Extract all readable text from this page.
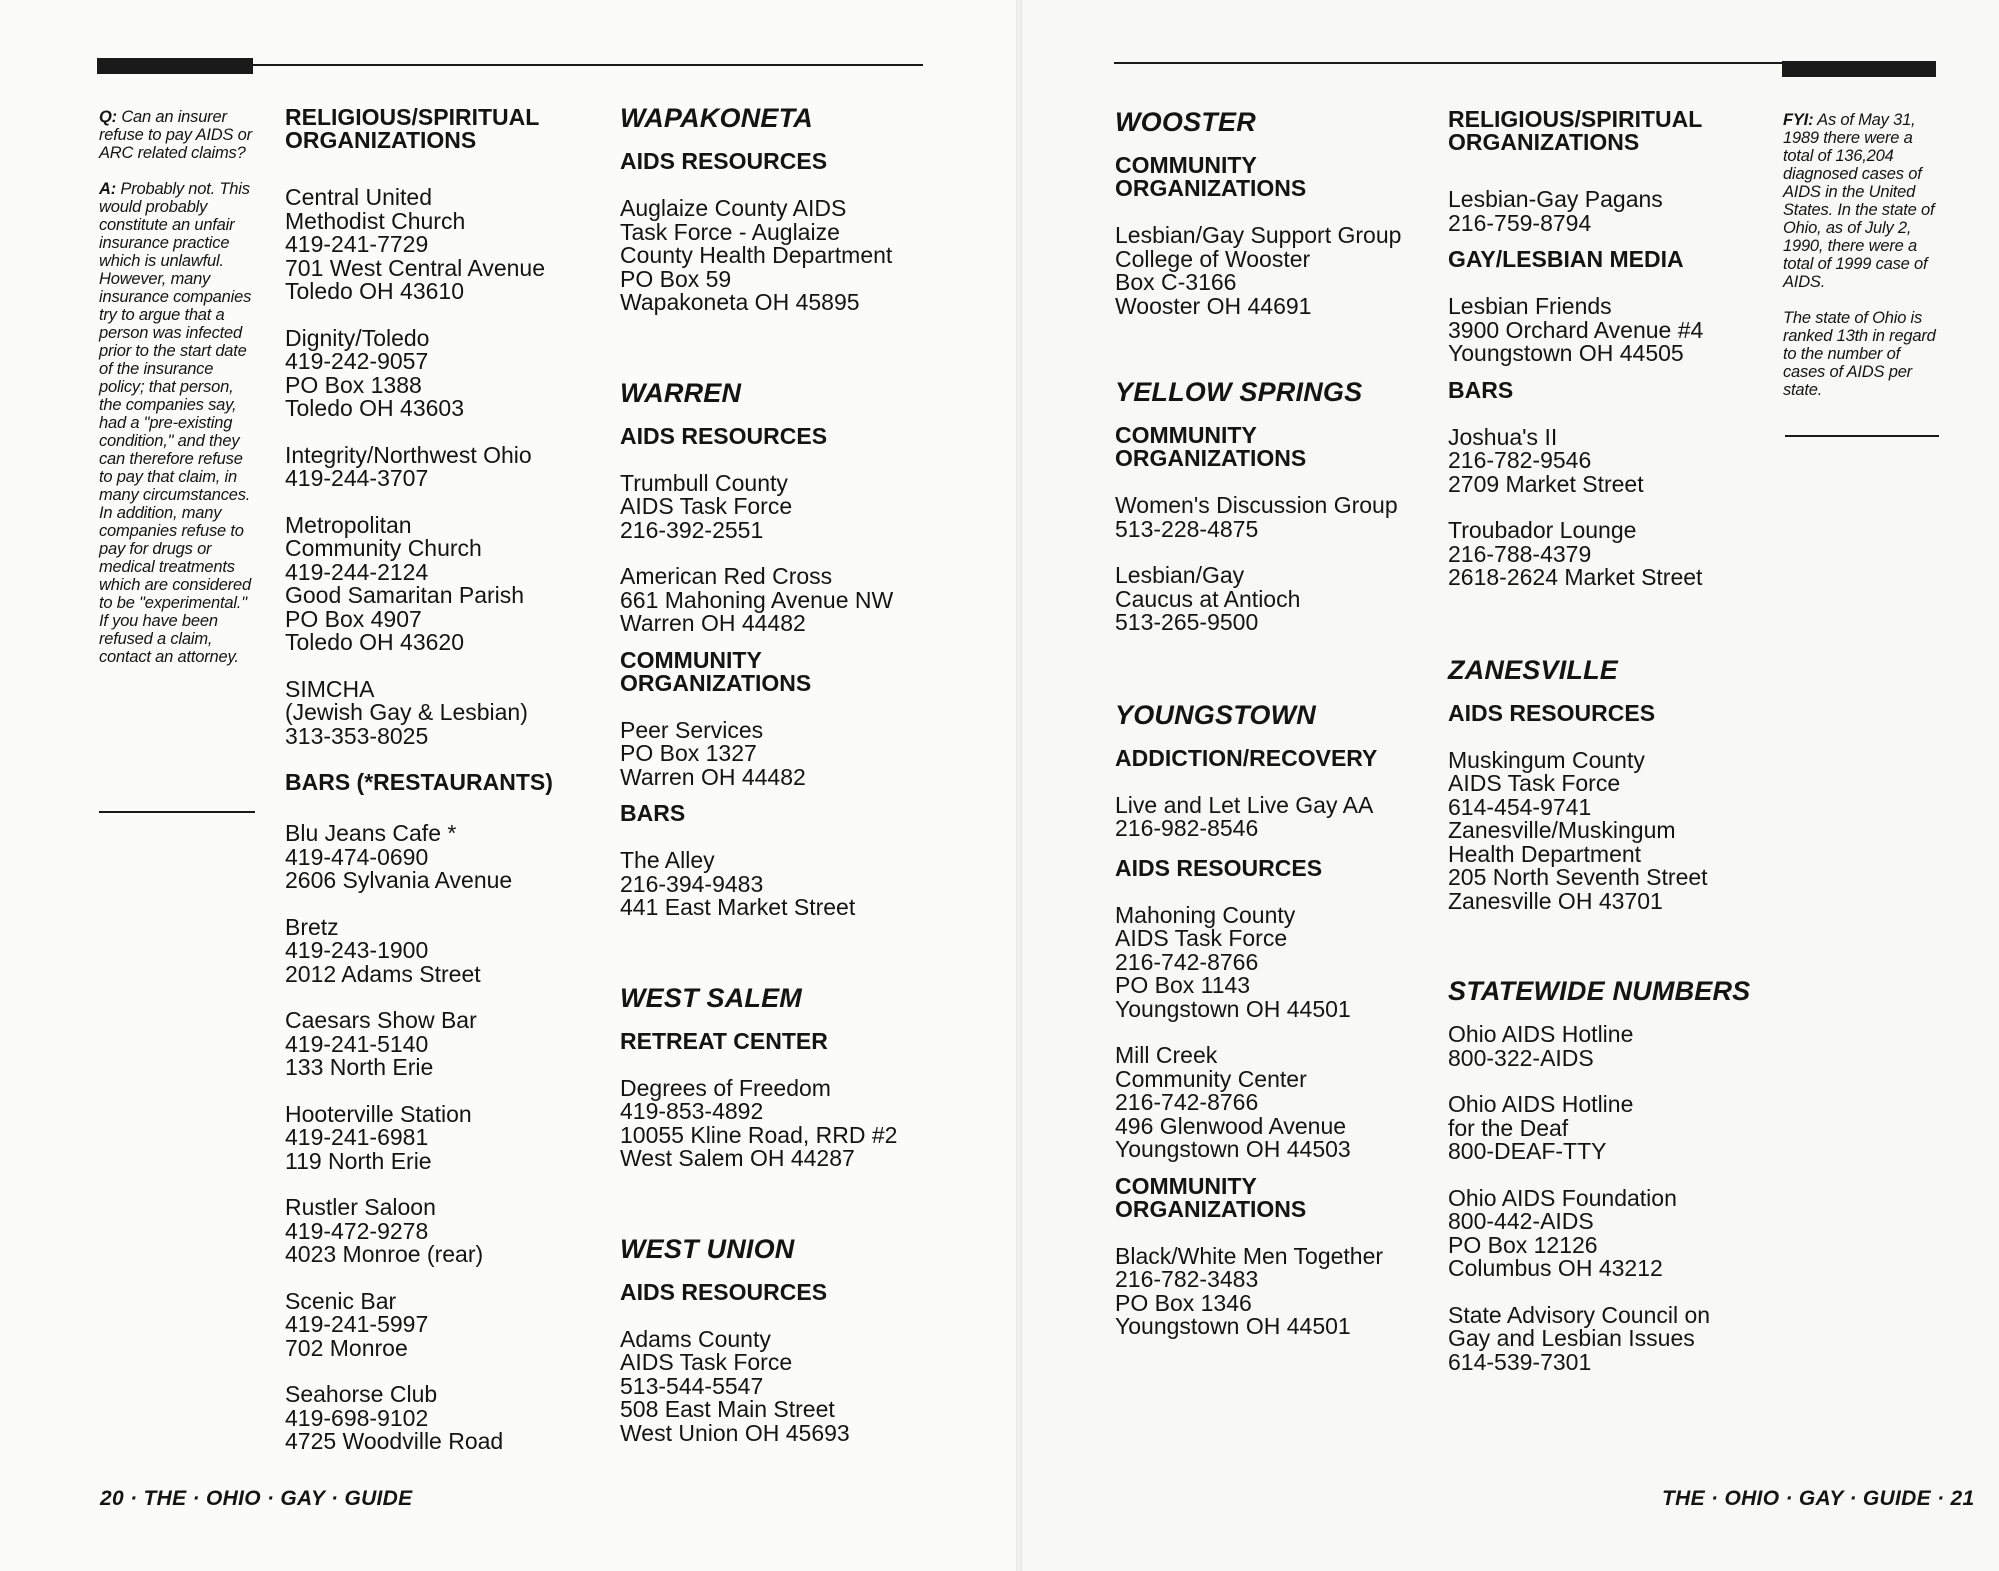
Q: Can an insurer refuse to pay AIDS or ARC related claims?

A: Probably not. This would probably constitute an unfair insurance practice which is unlawful. However, many insurance companies try to argue that a person was infected prior to the start date of the insurance policy; that person, the companies say, had a "pre-existing condition," and they can therefore refuse to pay that claim, in many circumstances. In addition, many companies refuse to pay for drugs or medical treatments which are considered to be "experimental." If you have been refused a claim, contact an attorney.

RELIGIOUS/SPIRITUAL
ORGANIZATIONS
Central United
Methodist Church
419-241-7729
701 West Central Avenue
Toledo OH 43610
Dignity/Toledo
419-242-9057
PO Box 1388
Toledo OH 43603
Integrity/Northwest Ohio
419-244-3707
Metropolitan
Community Church
419-244-2124
Good Samaritan Parish
PO Box 4907
Toledo OH 43620
SIMCHA
(Jewish Gay & Lesbian)
313-353-8025
BARS (*RESTAURANTS)
Blu Jeans Cafe *
419-474-0690
2606 Sylvania Avenue
Bretz
419-243-1900
2012 Adams Street
Caesars Show Bar
419-241-5140
133 North Erie
Hooterville Station
419-241-6981
119 North Erie
Rustler Saloon
419-472-9278
4023 Monroe (rear)
Scenic Bar
419-241-5997
702 Monroe
Seahorse Club
419-698-9102
4725 Woodville Road
WAPAKONETA
AIDS RESOURCES
Auglaize County AIDS
Task Force - Auglaize
County Health Department
PO Box 59
Wapakoneta OH 45895
WARREN
AIDS RESOURCES
Trumbull County
AIDS Task Force
216-392-2551
American Red Cross
661 Mahoning Avenue NW
Warren OH 44482
COMMUNITY
ORGANIZATIONS
Peer Services
PO Box 1327
Warren OH 44482
BARS
The Alley
216-394-9483
441 East Market Street
WEST SALEM
RETREAT CENTER
Degrees of Freedom
419-853-4892
10055 Kline Road, RRD #2
West Salem OH 44287
WEST UNION
AIDS RESOURCES
Adams County
AIDS Task Force
513-544-5547
508 East Main Street
West Union OH 45693
20 · THE · OHIO · GAY · GUIDE
WOOSTER
COMMUNITY
ORGANIZATIONS
Lesbian/Gay Support Group
College of Wooster
Box C-3166
Wooster OH 44691
YELLOW SPRINGS
COMMUNITY
ORGANIZATIONS
Women's Discussion Group
513-228-4875
Lesbian/Gay
Caucus at Antioch
513-265-9500
YOUNGSTOWN
ADDICTION/RECOVERY
Live and Let Live Gay AA
216-982-8546
AIDS RESOURCES
Mahoning County
AIDS Task Force
216-742-8766
PO Box 1143
Youngstown OH 44501
Mill Creek
Community Center
216-742-8766
496 Glenwood Avenue
Youngstown OH 44503
COMMUNITY
ORGANIZATIONS
Black/White Men Together
216-782-3483
PO Box 1346
Youngstown OH 44501
RELIGIOUS/SPIRITUAL
ORGANIZATIONS
Lesbian-Gay Pagans
216-759-8794
GAY/LESBIAN MEDIA
Lesbian Friends
3900 Orchard Avenue #4
Youngstown OH 44505
BARS
Joshua's II
216-782-9546
2709 Market Street
Troubador Lounge
216-788-4379
2618-2624 Market Street
ZANESVILLE
AIDS RESOURCES
Muskingum County
AIDS Task Force
614-454-9741
Zanesville/Muskingum
Health Department
205 North Seventh Street
Zanesville OH 43701
STATEWIDE NUMBERS
Ohio AIDS Hotline
800-322-AIDS
Ohio AIDS Hotline
for the Deaf
800-DEAF-TTY
Ohio AIDS Foundation
800-442-AIDS
PO Box 12126
Columbus OH 43212
State Advisory Council on
Gay and Lesbian Issues
614-539-7301

FYI: As of May 31, 1989 there were a total of 136,204 diagnosed cases of AIDS in the United States. In the state of Ohio, as of July 2, 1990, there were a total of 1999 case of AIDS.

The state of Ohio is ranked 13th in regard to the number of cases of AIDS per state.

THE · OHIO · GAY · GUIDE · 21
